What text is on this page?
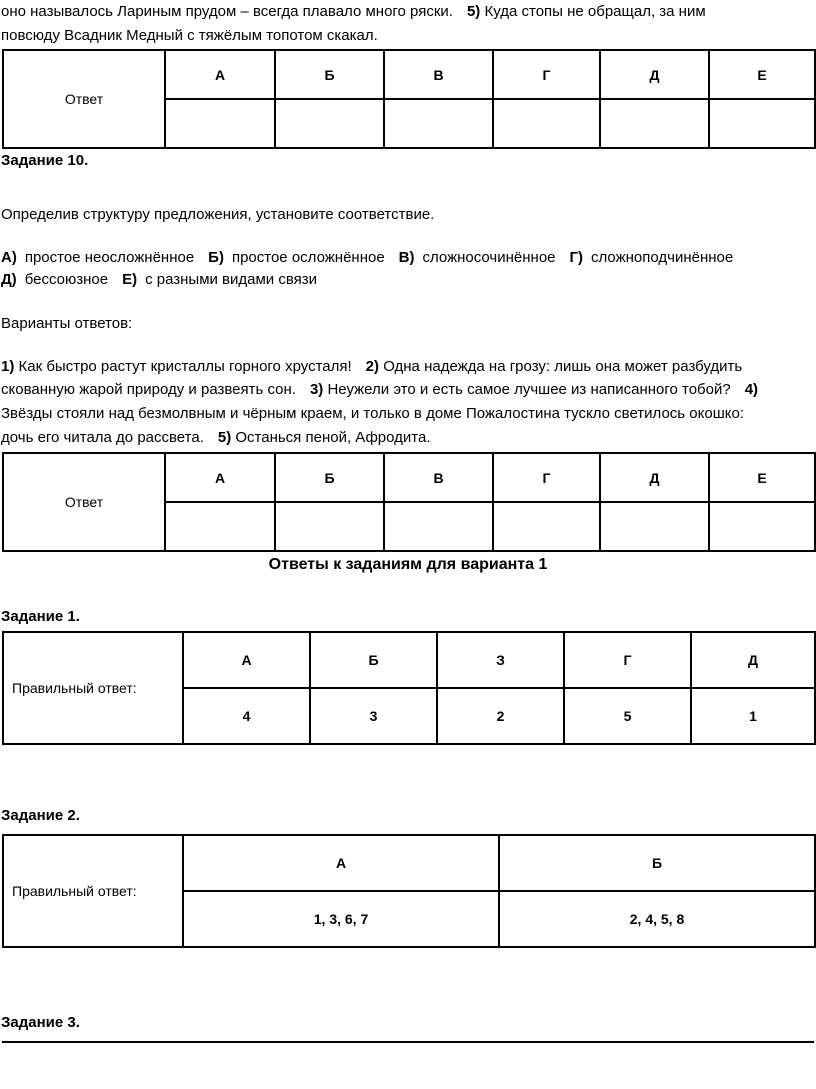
оно называлось Лариным прудом – всегда плавало много ряски. 5) Куда стопы не обращал, за ним
повсюду Всадник Медный с тяжёлым топотом скакал.
Ответ	А	Б	В	Г	Д	Е

Задание 10.
Определив структуру предложения, установите соответствие.
А) простое неосложнённое Б) простое осложнённое В) сложносочинённое Г) сложноподчинённое
Д) бессоюзное Е) с разными видами связи
Варианты ответов:
1) Как быстро растут кристаллы горного хрусталя! 2) Одна надежда на грозу: лишь она может разбудить
скованную жарой природу и развеять сон. 3) Неужели это и есть самое лучшее из написанного тобой? 4)
Звёзды стояли над безмолвным и чёрным краем, и только в доме Пожалостина тускло светилось окошко:
дочь его читала до рассвета. 5) Останься пеной, Афродита.
Ответ	А	Б	В	Г	Д	Е

Ответы к заданиям для варианта 1
Задание 1.
Правильный ответ:	А	Б	З	Г	Д
	4	3	2	5	1
Задание 2.
Правильный ответ:	А	Б
	1, 3, 6, 7	2, 4, 5, 8
Задание 3.
